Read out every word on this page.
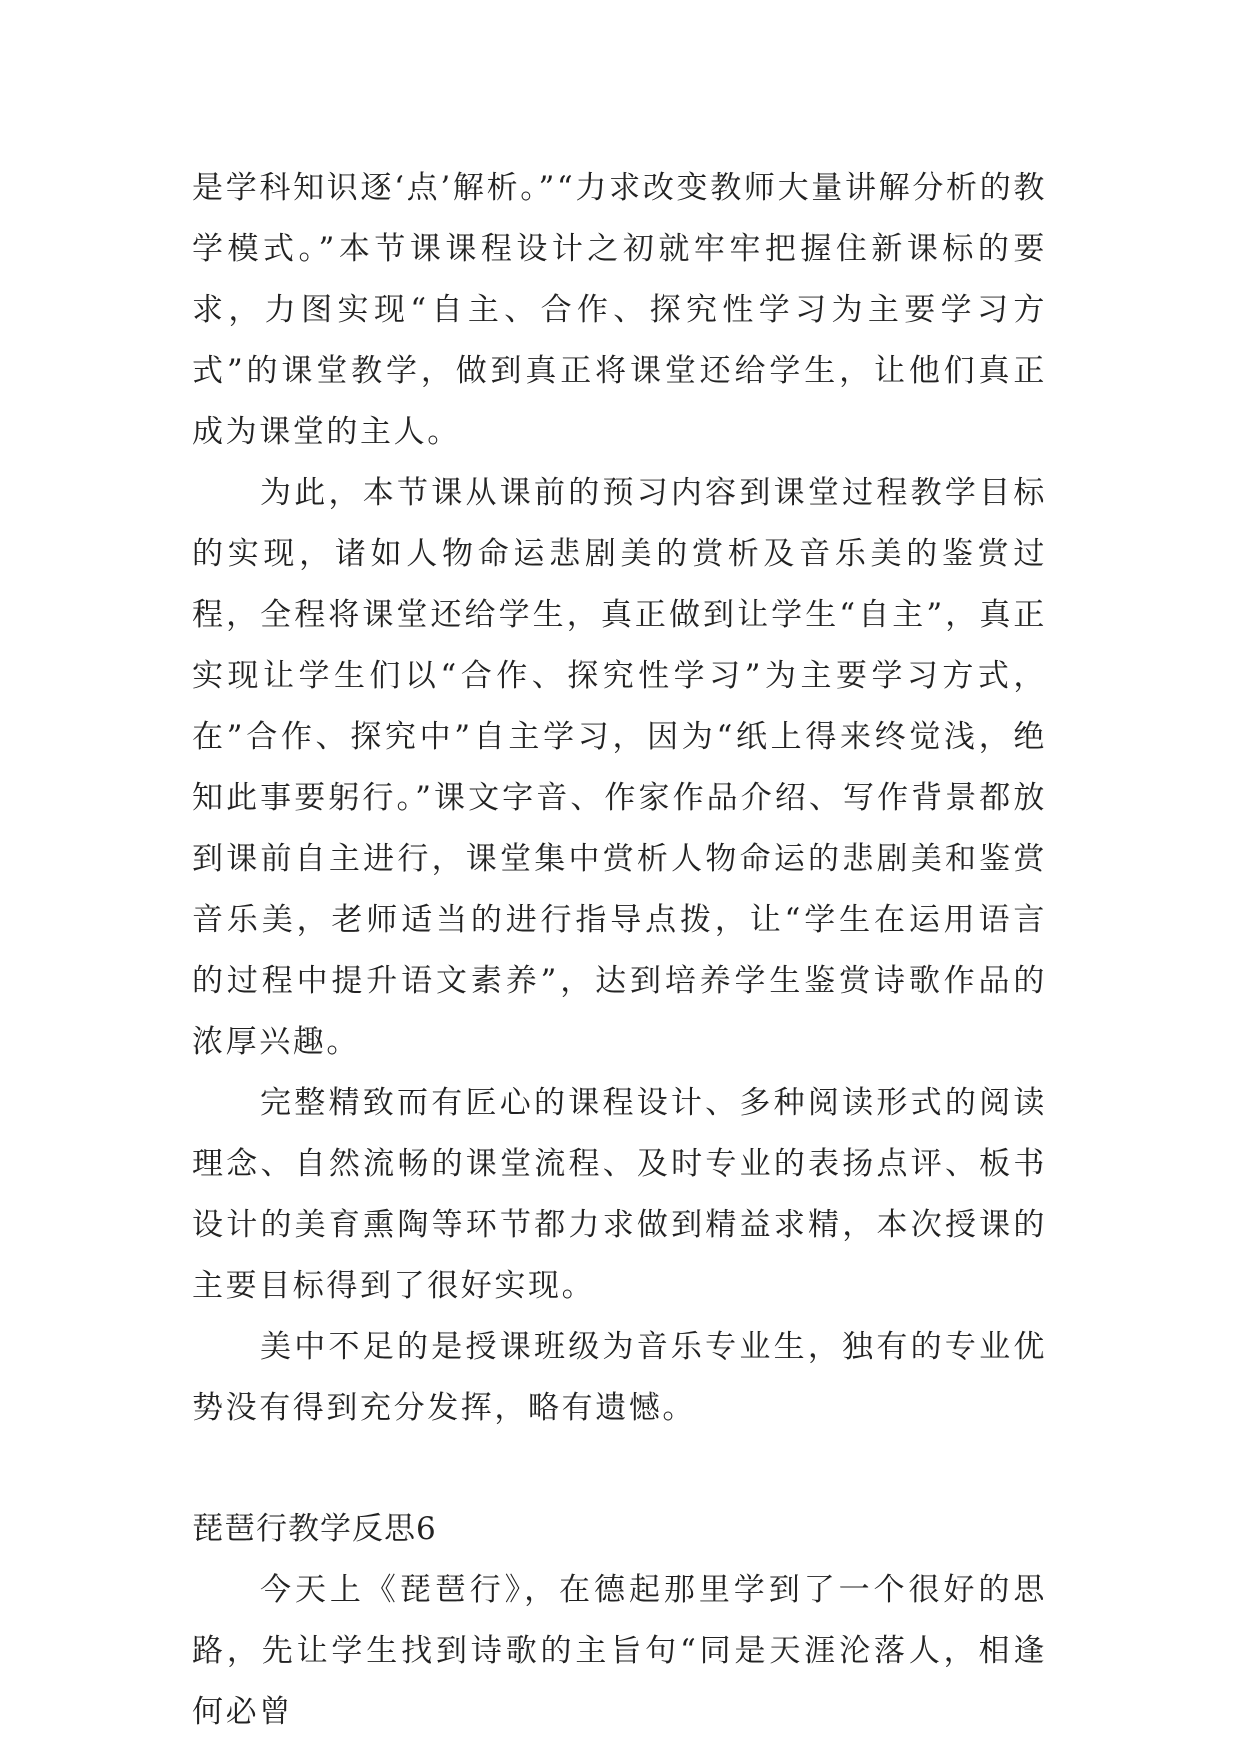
是学科知识逐‘点’解析。”“力求改变教师大量讲解分析的教学模式。”本节课课程设计之初就牢牢把握住新课标的要求，力图实现“自主、合作、探究性学习为主要学习方式”的课堂教学，做到真正将课堂还给学生，让他们真正成为课堂的主人。

为此，本节课从课前的预习内容到课堂过程教学目标的实现，诸如人物命运悲剧美的赏析及音乐美的鉴赏过程，全程将课堂还给学生，真正做到让学生“自主”，真正实现让学生们以“合作、探究性学习”为主要学习方式，在”合作、探究中”自主学习，因为“纸上得来终觉浅，绝知此事要躬行。”课文字音、作家作品介绍、写作背景都放到课前自主进行，课堂集中赏析人物命运的悲剧美和鉴赏音乐美，老师适当的进行指导点拨，让“学生在运用语言的过程中提升语文素养”，达到培养学生鉴赏诗歌作品的浓厚兴趣。

完整精致而有匠心的课程设计、多种阅读形式的阅读理念、自然流畅的课堂流程、及时专业的表扬点评、板书设计的美育熏陶等环节都力求做到精益求精，本次授课的主要目标得到了很好实现。

美中不足的是授课班级为音乐专业生，独有的专业优势没有得到充分发挥，略有遗憾。

琵琶行教学反思6

今天上《琵琶行》，在德起那里学到了一个很好的思路，先让学生找到诗歌的主旨句“同是天涯沦落人，相逢何必曾
